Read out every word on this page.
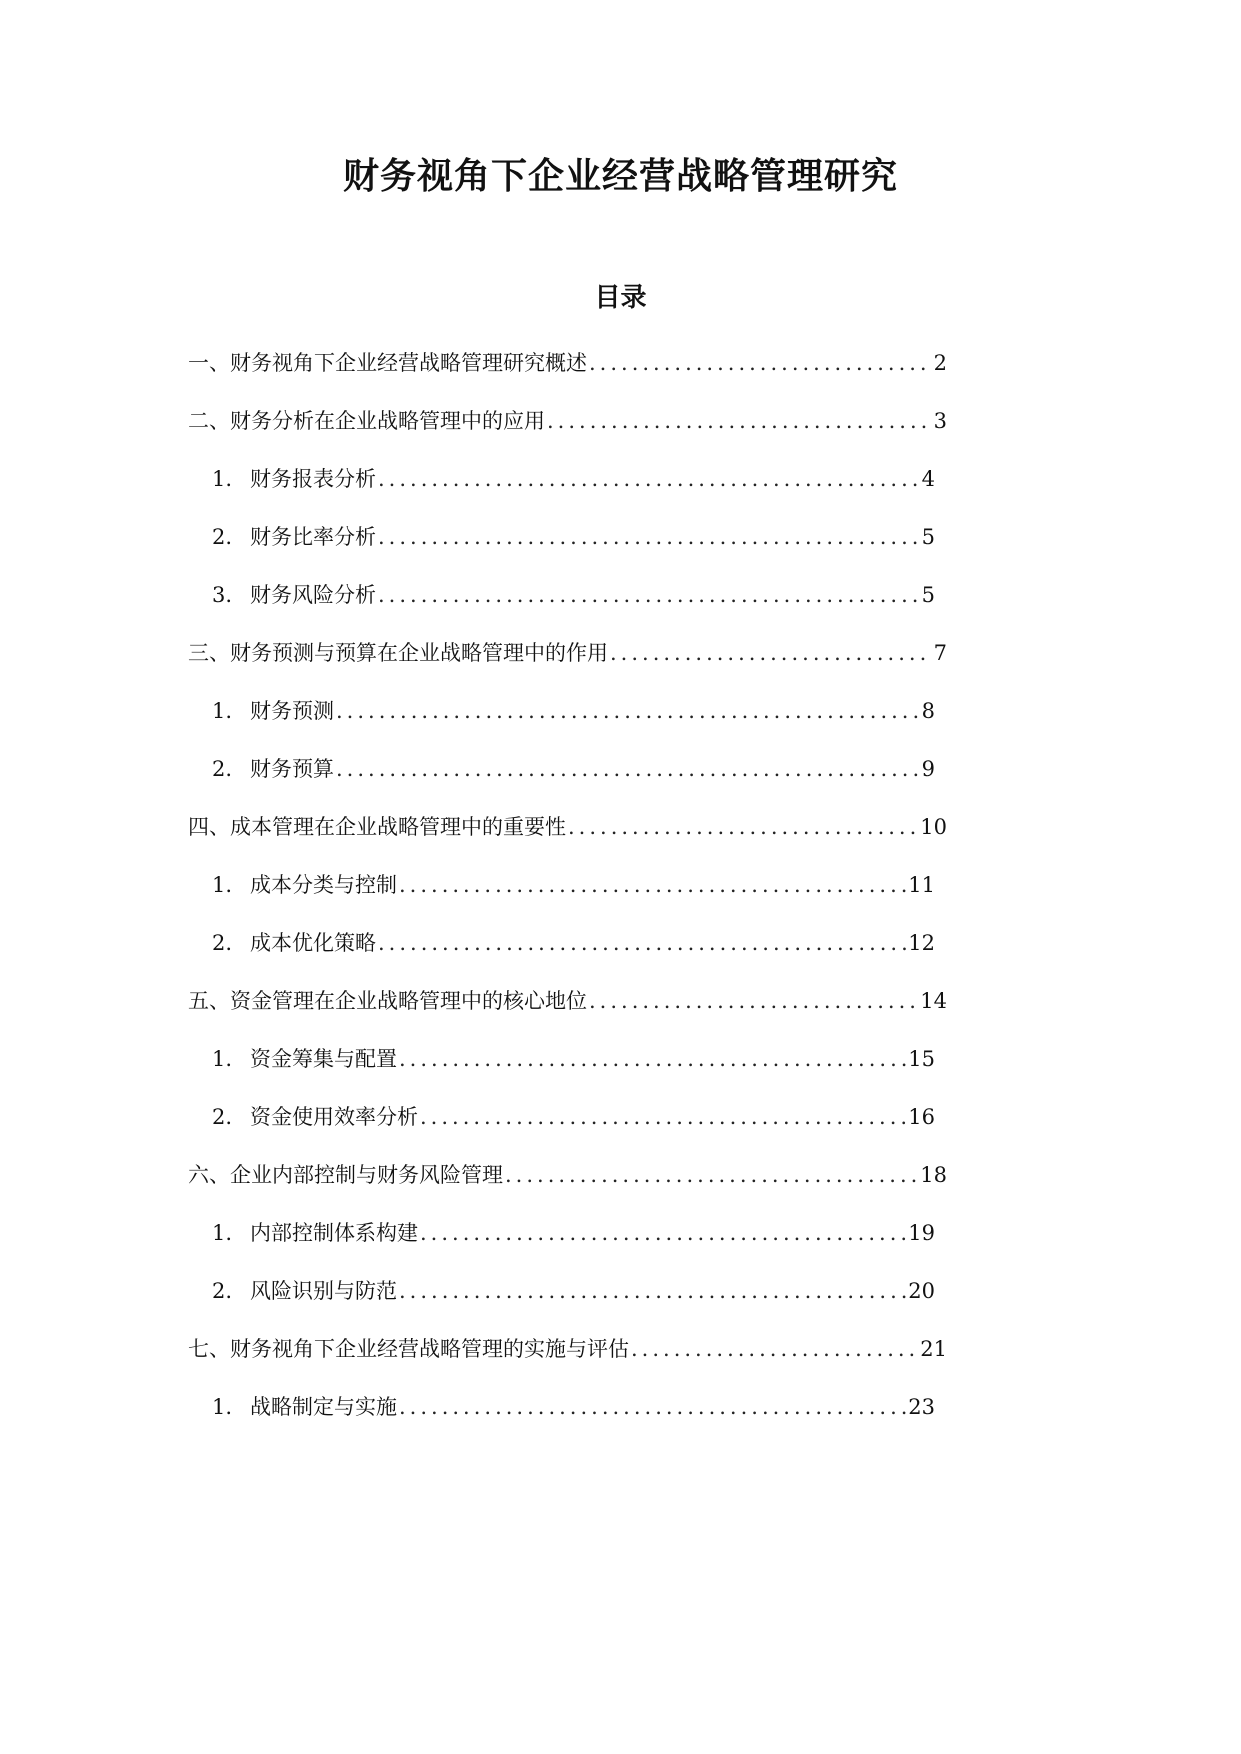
财务视角下企业经营战略管理研究
目录
一、财务视角下企业经营战略管理研究概述 .....	2
二、财务分析在企业战略管理中的应用 .....	3
1. 财务报表分析 .....	4
2. 财务比率分析 .....	5
3. 财务风险分析 .....	5
三、财务预测与预算在企业战略管理中的作用 .....	7
1. 财务预测 .....	8
2. 财务预算 .....	9
四、成本管理在企业战略管理中的重要性 .....	10
1. 成本分类与控制 .....	11
2. 成本优化策略 .....	12
五、资金管理在企业战略管理中的核心地位 .....	14
1. 资金筹集与配置 .....	15
2. 资金使用效率分析 .....	16
六、企业内部控制与财务风险管理 .....	18
1. 内部控制体系构建 .....	19
2. 风险识别与防范 .....	20
七、财务视角下企业经营战略管理的实施与评估 .....	21
1. 战略制定与实施 .....	23
